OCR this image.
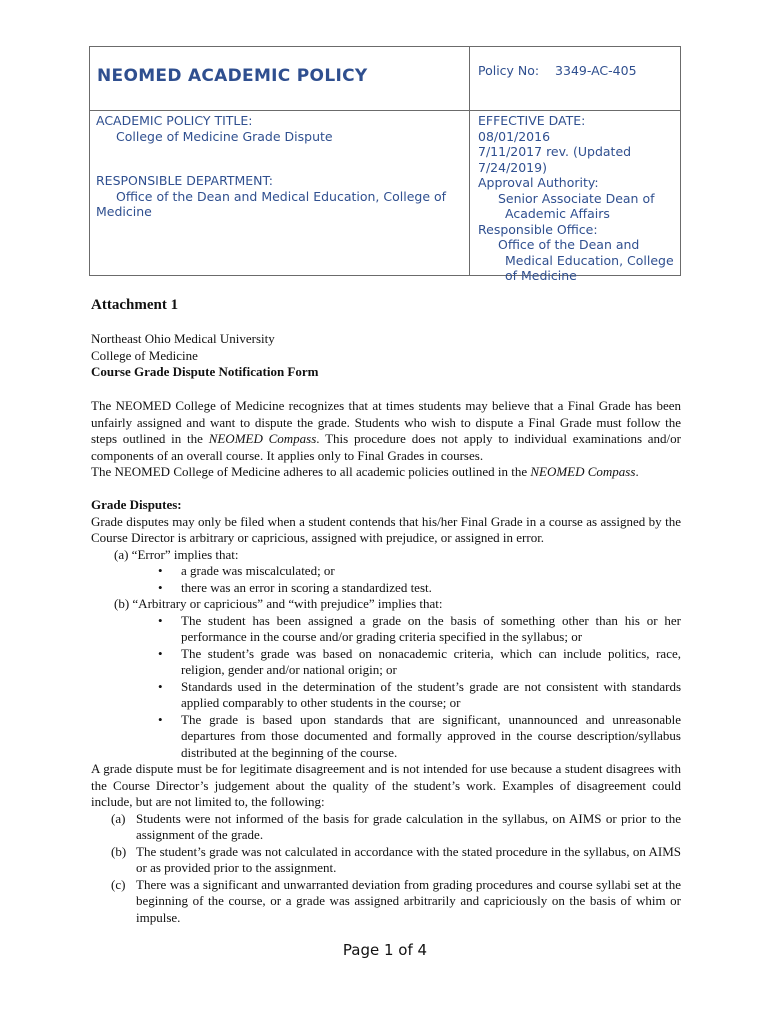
NEOMED ACADEMIC POLICY	Policy No: 3349-AC-405
ACADEMIC POLICY TITLE:
College of Medicine Grade Dispute
RESPONSIBLE DEPARTMENT:
Office of the Dean and Medical Education, College of
Medicine
EFFECTIVE DATE:
08/01/2016
7/11/2017 rev. (Updated
7/24/2019)
Approval Authority:
Senior Associate Dean of
Academic Affairs
Responsible Office:
Office of the Dean and
Medical Education, College
of Medicine

Attachment 1

Northeast Ohio Medical University

College of Medicine

Course Grade Dispute Notification Form

The NEOMED College of Medicine recognizes that at times students may believe that a Final Grade has been unfairly assigned and want to dispute the grade. Students who wish to dispute a Final Grade must follow the steps outlined in the NEOMED Compass. This procedure does not apply to individual examinations and/or components of an overall course. It applies only to Final Grades in courses.

The NEOMED College of Medicine adheres to all academic policies outlined in the NEOMED Compass.

Grade Disputes:

Grade disputes may only be filed when a student contends that his/her Final Grade in a course as assigned by the Course Director is arbitrary or capricious, assigned with prejudice, or assigned in error.

(a) “Error” implies that:

• a grade was miscalculated; or
• there was an error in scoring a standardized test.

(b) “Arbitrary or capricious” and “with prejudice” implies that:

• The student has been assigned a grade on the basis of something other than his or her performance in the course and/or grading criteria specified in the syllabus; or
• The student’s grade was based on nonacademic criteria, which can include politics, race, religion, gender and/or national origin; or
• Standards used in the determination of the student’s grade are not consistent with standards applied comparably to other students in the course; or
• The grade is based upon standards that are significant, unannounced and unreasonable departures from those documented and formally approved in the course description/syllabus distributed at the beginning of the course.

A grade dispute must be for legitimate disagreement and is not intended for use because a student disagrees with the Course Director’s judgement about the quality of the student’s work. Examples of disagreement could include, but are not limited to, the following:

(a) Students were not informed of the basis for grade calculation in the syllabus, on AIMS or prior to the assignment of the grade.
(b) The student’s grade was not calculated in accordance with the stated procedure in the syllabus, on AIMS or as provided prior to the assignment.
(c) There was a significant and unwarranted deviation from grading procedures and course syllabi set at the beginning of the course, or a grade was assigned arbitrarily and capriciously on the basis of whim or impulse.
Page 1 of 4
